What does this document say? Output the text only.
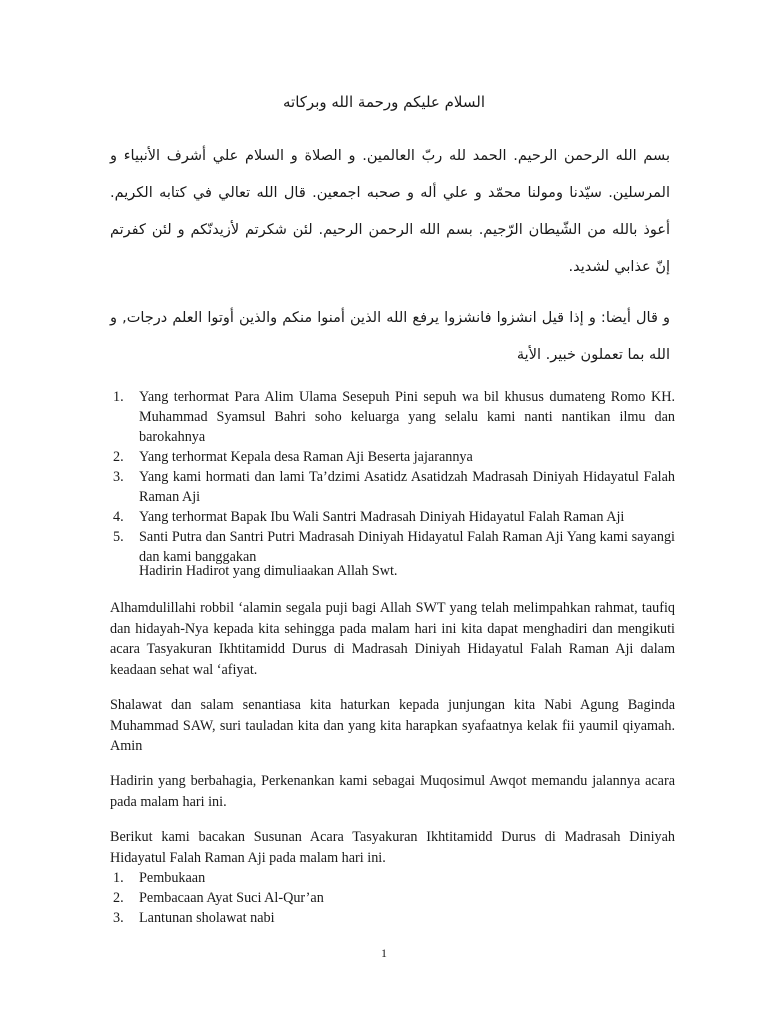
السلام عليكم ورحمة الله وبركاته

بسم الله الرحمن الرحيم. الحمد لله ربّ العالمين. و الصلاة و السلام علي أشرف الأنبياء و المرسلين. سيّدنا ومولنا محمّد و علي أله و صحبه اجمعين. قال الله تعالي في كتابه الكريم. أعوذ بالله من الشّيطان الرّجيم. بسم الله الرحمن الرحيم. لئن شكرتم لأزيدنّكم و لئن كفرتم إنّ عذابي لشديد.

و قال أيضا: و إذا قيل انشزوا فانشزوا يرفع الله الذين أمنوا منكم والذين أوتوا العلم درجات, و الله بما تعملون خبير. الأية

1. Yang terhormat Para Alim Ulama Sesepuh Pini sepuh wa bil khusus dumateng Romo KH. Muhammad Syamsul Bahri soho keluarga yang selalu kami nanti nantikan ilmu dan barokahnya
2. Yang terhormat Kepala desa Raman Aji Beserta jajarannya
3. Yang kami hormati dan lami Ta’dzimi Asatidz Asatidzah Madrasah Diniyah Hidayatul Falah Raman Aji
4. Yang terhormat Bapak Ibu Wali Santri Madrasah Diniyah Hidayatul Falah Raman Aji
5. Santi Putra dan Santri Putri Madrasah Diniyah Hidayatul Falah Raman Aji Yang kami sayangi dan kami banggakan
Hadirin Hadirot yang dimuliaakan Allah Swt.

Alhamdulillahi robbil ‘alamin segala puji bagi Allah SWT yang telah melimpahkan rahmat, taufiq dan hidayah-Nya kepada kita sehingga pada malam hari ini kita dapat menghadiri dan mengikuti acara Tasyakuran Ikhtitamidd Durus di Madrasah Diniyah Hidayatul Falah Raman Aji dalam keadaan sehat wal ‘afiyat.

Shalawat dan salam senantiasa kita haturkan kepada junjungan kita Nabi Agung Baginda Muhammad SAW, suri tauladan kita dan yang kita harapkan syafaatnya kelak fii yaumil qiyamah. Amin

Hadirin yang berbahagia, Perkenankan kami sebagai Muqosimul Awqot memandu jalannya acara pada malam hari ini.

Berikut kami bacakan Susunan Acara Tasyakuran Ikhtitamidd Durus di Madrasah Diniyah Hidayatul Falah Raman Aji pada malam hari ini.

1. Pembukaan
2. Pembacaan Ayat Suci Al-Qur’an
3. Lantunan sholawat nabi
1
